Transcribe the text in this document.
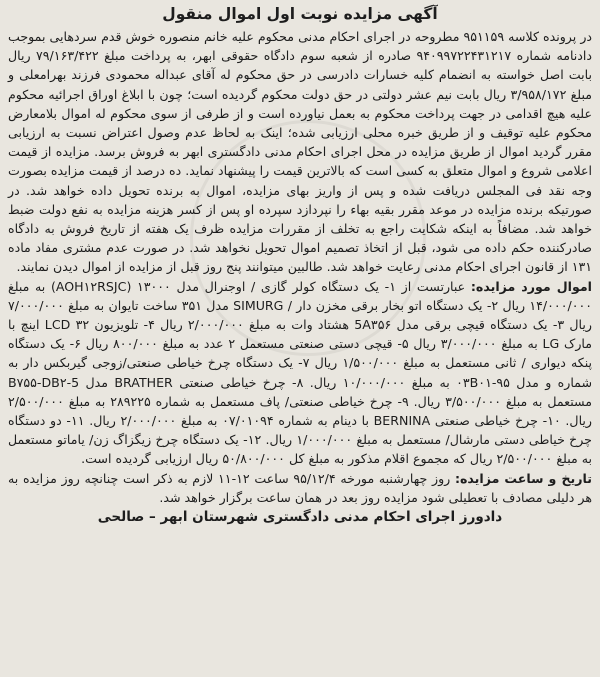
آگهی مزایده نوبت اول اموال منقول

در پرونده کلاسه ۹۵۱۱۵۹ مطروحه در اجرای احکام مدنی محکوم علیه خانم منصوره خوش قدم سردهایی بموجب دادنامه شماره ۹۴۰۹۹۷۲۲۴۳۱۲۱۷ صادره از شعبه سوم دادگاه حقوقی ابهر، به پرداخت مبلغ ۷۹/۱۶۳/۴۲۲ ریال بابت اصل خواسته به انضمام کلیه خسارات دادرسی در حق محکوم له آقای عبداله محمودی فرزند بهرامعلی و مبلغ ۳/۹۵۸/۱۷۲ ریال بابت نیم عشر دولتی در حق دولت محکوم گردیده است؛ چون با ابلاغ اوراق اجرائیه محکوم علیه هیچ اقدامی در جهت پرداخت محکوم به بعمل نیاورده است و از طرفی از سوی محکوم له اموال بلامعارض محکوم علیه توقیف و از طریق خبره محلی ارزیابی شده؛ اینک به لحاظ عدم وصول اعتراض نسبت به ارزیابی مقرر گردید اموال از طریق مزایده در محل اجرای احکام مدنی دادگستری ابهر به فروش برسد. مزایده از قیمت اعلامی شروع و اموال متعلق به کسی است که بالاترین قیمت را پیشنهاد نماید. ده درصد از قیمت مزایده بصورت وجه نقد فی المجلس دریافت شده و پس از واریز بهای مزایده، اموال به برنده تحویل داده خواهد شد. در صورتیکه برنده مزایده در موعد مقرر بقیه بهاء را نپردازد سپرده او پس از کسر هزینه مزایده به نفع دولت ضبط خواهد شد. مضافاً به اینکه شکایت راجع به تخلف از مقررات مزایده ظرف یک هفته از تاریخ فروش به دادگاه صادرکننده حکم داده می شود، قبل از اتخاذ تصمیم اموال تحویل نخواهد شد. در صورت عدم مشتری مفاد ماده ۱۳۱ از قانون اجرای احکام مدنی رعایت خواهد شد. طالبین میتوانند پنج روز قبل از مزایده از اموال دیدن نمایند.

اموال مورد مزایده: عبارتست از ۱- یک دستگاه کولر گازی / اوجنرال مدل ۱۳۰۰۰ (AOH۱۲RSJC) به مبلغ ۱۴/۰۰۰/۰۰۰ ریال ۲- یک دستگاه اتو بخار برقی مخزن دار / SIMURG مدل ۳۵۱ ساخت تایوان به مبلغ ۷/۰۰۰/۰۰۰ ریال ۳- یک دستگاه قیچی برقی مدل 5A۳۵۶ هشتاد وات به مبلغ ۲/۰۰۰/۰۰۰ ریال ۴- تلویزیون LCD ۳۲ اینچ با مارک LG به مبلغ ۳/۰۰۰/۰۰۰ ریال ۵- قیچی دستی صنعتی مستعمل ۲ عدد به مبلغ ۸۰۰/۰۰۰ ریال ۶- یک دستگاه پنکه دیواری / ثانی مستعمل به مبلغ ۱/۵۰۰/۰۰۰ ریال ۷- یک دستگاه چرخ خیاطی صنعتی/زوجی گیربکس دار به شماره و مدل ۹۵-۰۳B۰۱ به مبلغ ۱۰/۰۰۰/۰۰۰ ریال. ۸- چرخ خیاطی صنعتی BRATHER مدل B۷۵۵-DB۲-5 مستعمل به مبلغ ۳/۵۰۰/۰۰۰ ریال. ۹- چرخ خیاطی صنعتی/ پاف مستعمل به شماره ۲۸۹۲۲۵ به مبلغ ۲/۵۰۰/۰۰۰ ریال. ۱۰- چرخ خیاطی صنعتی BERNINA با دینام به شماره ۰۷/۰۱۰۹۴ به مبلغ ۲/۰۰۰/۰۰۰ ریال. ۱۱- دو دستگاه چرخ خیاطی دستی مارشال/ مستعمل به مبلغ ۱/۰۰۰/۰۰۰ ریال. ۱۲- یک دستگاه چرخ زیگزاگ زن/ یاماتو مستعمل به مبلغ ۲/۵۰۰/۰۰۰ ریال که مجموع اقلام مذکور به مبلغ کل ۵۰/۸۰۰/۰۰۰ ریال ارزیابی گردیده است.

تاریخ و ساعت مزایده: روز چهارشنبه مورخه ۹۵/۱۲/۴ ساعت ۱۲-۱۱ لازم به ذکر است چنانچه روز مزایده به هر دلیلی مصادف با تعطیلی شود مزایده روز بعد در همان ساعت برگزار خواهد شد.

دادورز اجرای احکام مدنی دادگستری شهرستان ابهر – صالحی
